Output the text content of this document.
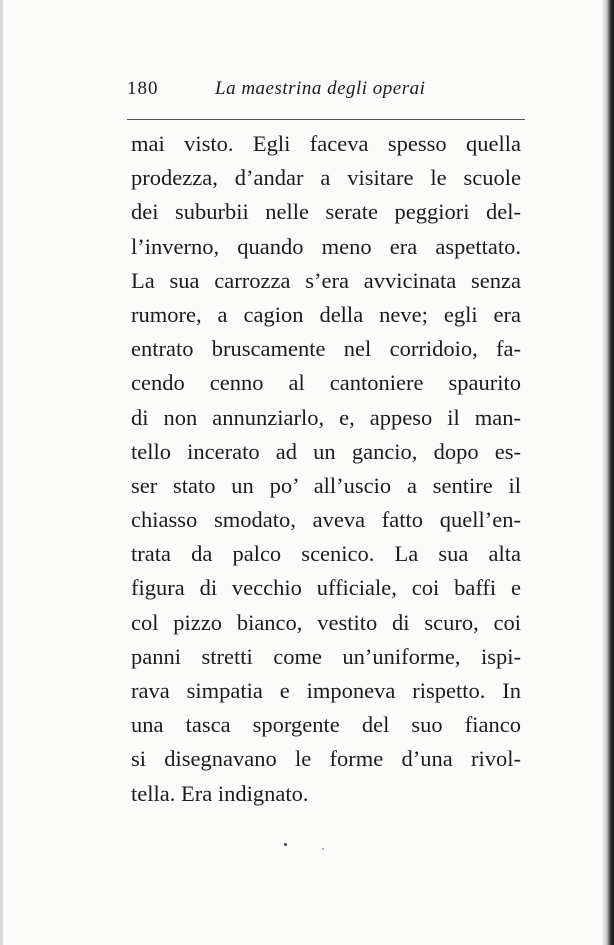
180	La maestrina degli operai
mai visto. Egli faceva spesso quella
prodezza, d’andar a visitare le scuole
dei suburbii nelle serate peggiori del-
l’inverno, quando meno era aspettato.
La sua carrozza s’era avvicinata senza
rumore, a cagion della neve; egli era
entrato bruscamente nel corridoio, fa-
cendo cenno al cantoniere spaurito
di non annunziarlo, e, appeso il man-
tello incerato ad un gancio, dopo es-
ser stato un po’ all’uscio a sentire il
chiasso smodato, aveva fatto quell’en-
trata da palco scenico. La sua alta
figura di vecchio ufficiale, coi baffi e
col pizzo bianco, vestito di scuro, coi
panni stretti come un’uniforme, ispi-
rava simpatia e imponeva rispetto. In
una tasca sporgente del suo fianco
si disegnavano le forme d’una rivol-
tella. Era indignato.
